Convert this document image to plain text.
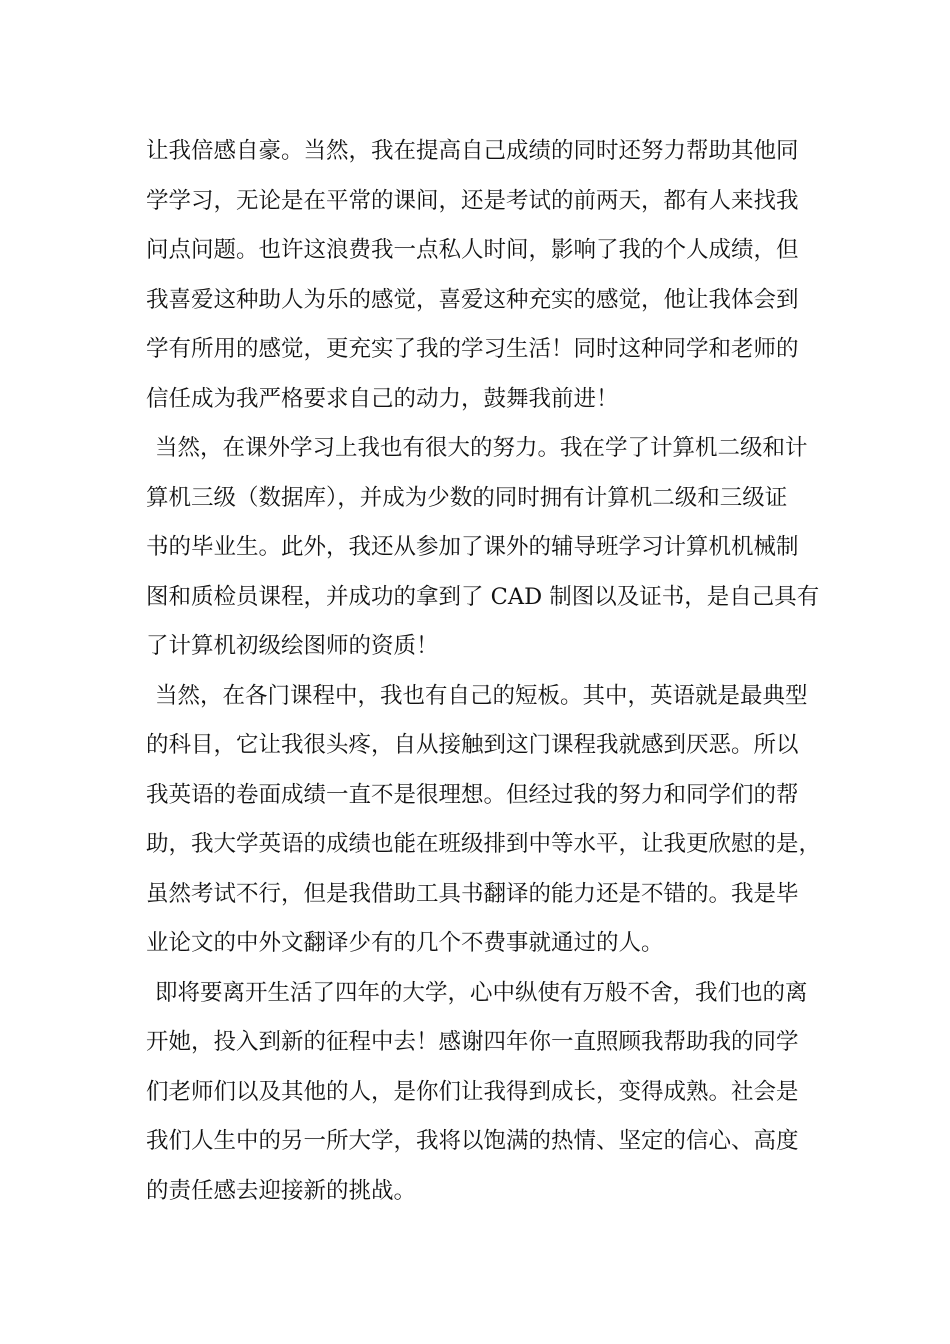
让我倍感自豪。当然，我在提高自己成绩的同时还努力帮助其他同
学学习，无论是在平常的课间，还是考试的前两天，都有人来找我
问点问题。也许这浪费我一点私人时间，影响了我的个人成绩，但
我喜爱这种助人为乐的感觉，喜爱这种充实的感觉，他让我体会到
学有所用的感觉，更充实了我的学习生活！同时这种同学和老师的
信任成为我严格要求自己的动力，鼓舞我前进！
当然，在课外学习上我也有很大的努力。我在学了计算机二级和计
算机三级（数据库），并成为少数的同时拥有计算机二级和三级证
书的毕业生。此外，我还从参加了课外的辅导班学习计算机机械制
图和质检员课程，并成功的拿到了 CAD 制图以及证书，是自己具有
了计算机初级绘图师的资质！
当然，在各门课程中，我也有自己的短板。其中，英语就是最典型
的科目，它让我很头疼，自从接触到这门课程我就感到厌恶。所以
我英语的卷面成绩一直不是很理想。但经过我的努力和同学们的帮
助，我大学英语的成绩也能在班级排到中等水平，让我更欣慰的是，
虽然考试不行，但是我借助工具书翻译的能力还是不错的。我是毕
业论文的中外文翻译少有的几个不费事就通过的人。
即将要离开生活了四年的大学，心中纵使有万般不舍，我们也的离
开她，投入到新的征程中去！感谢四年你一直照顾我帮助我的同学
们老师们以及其他的人，是你们让我得到成长，变得成熟。社会是
我们人生中的另一所大学，我将以饱满的热情、坚定的信心、高度
的责任感去迎接新的挑战。
